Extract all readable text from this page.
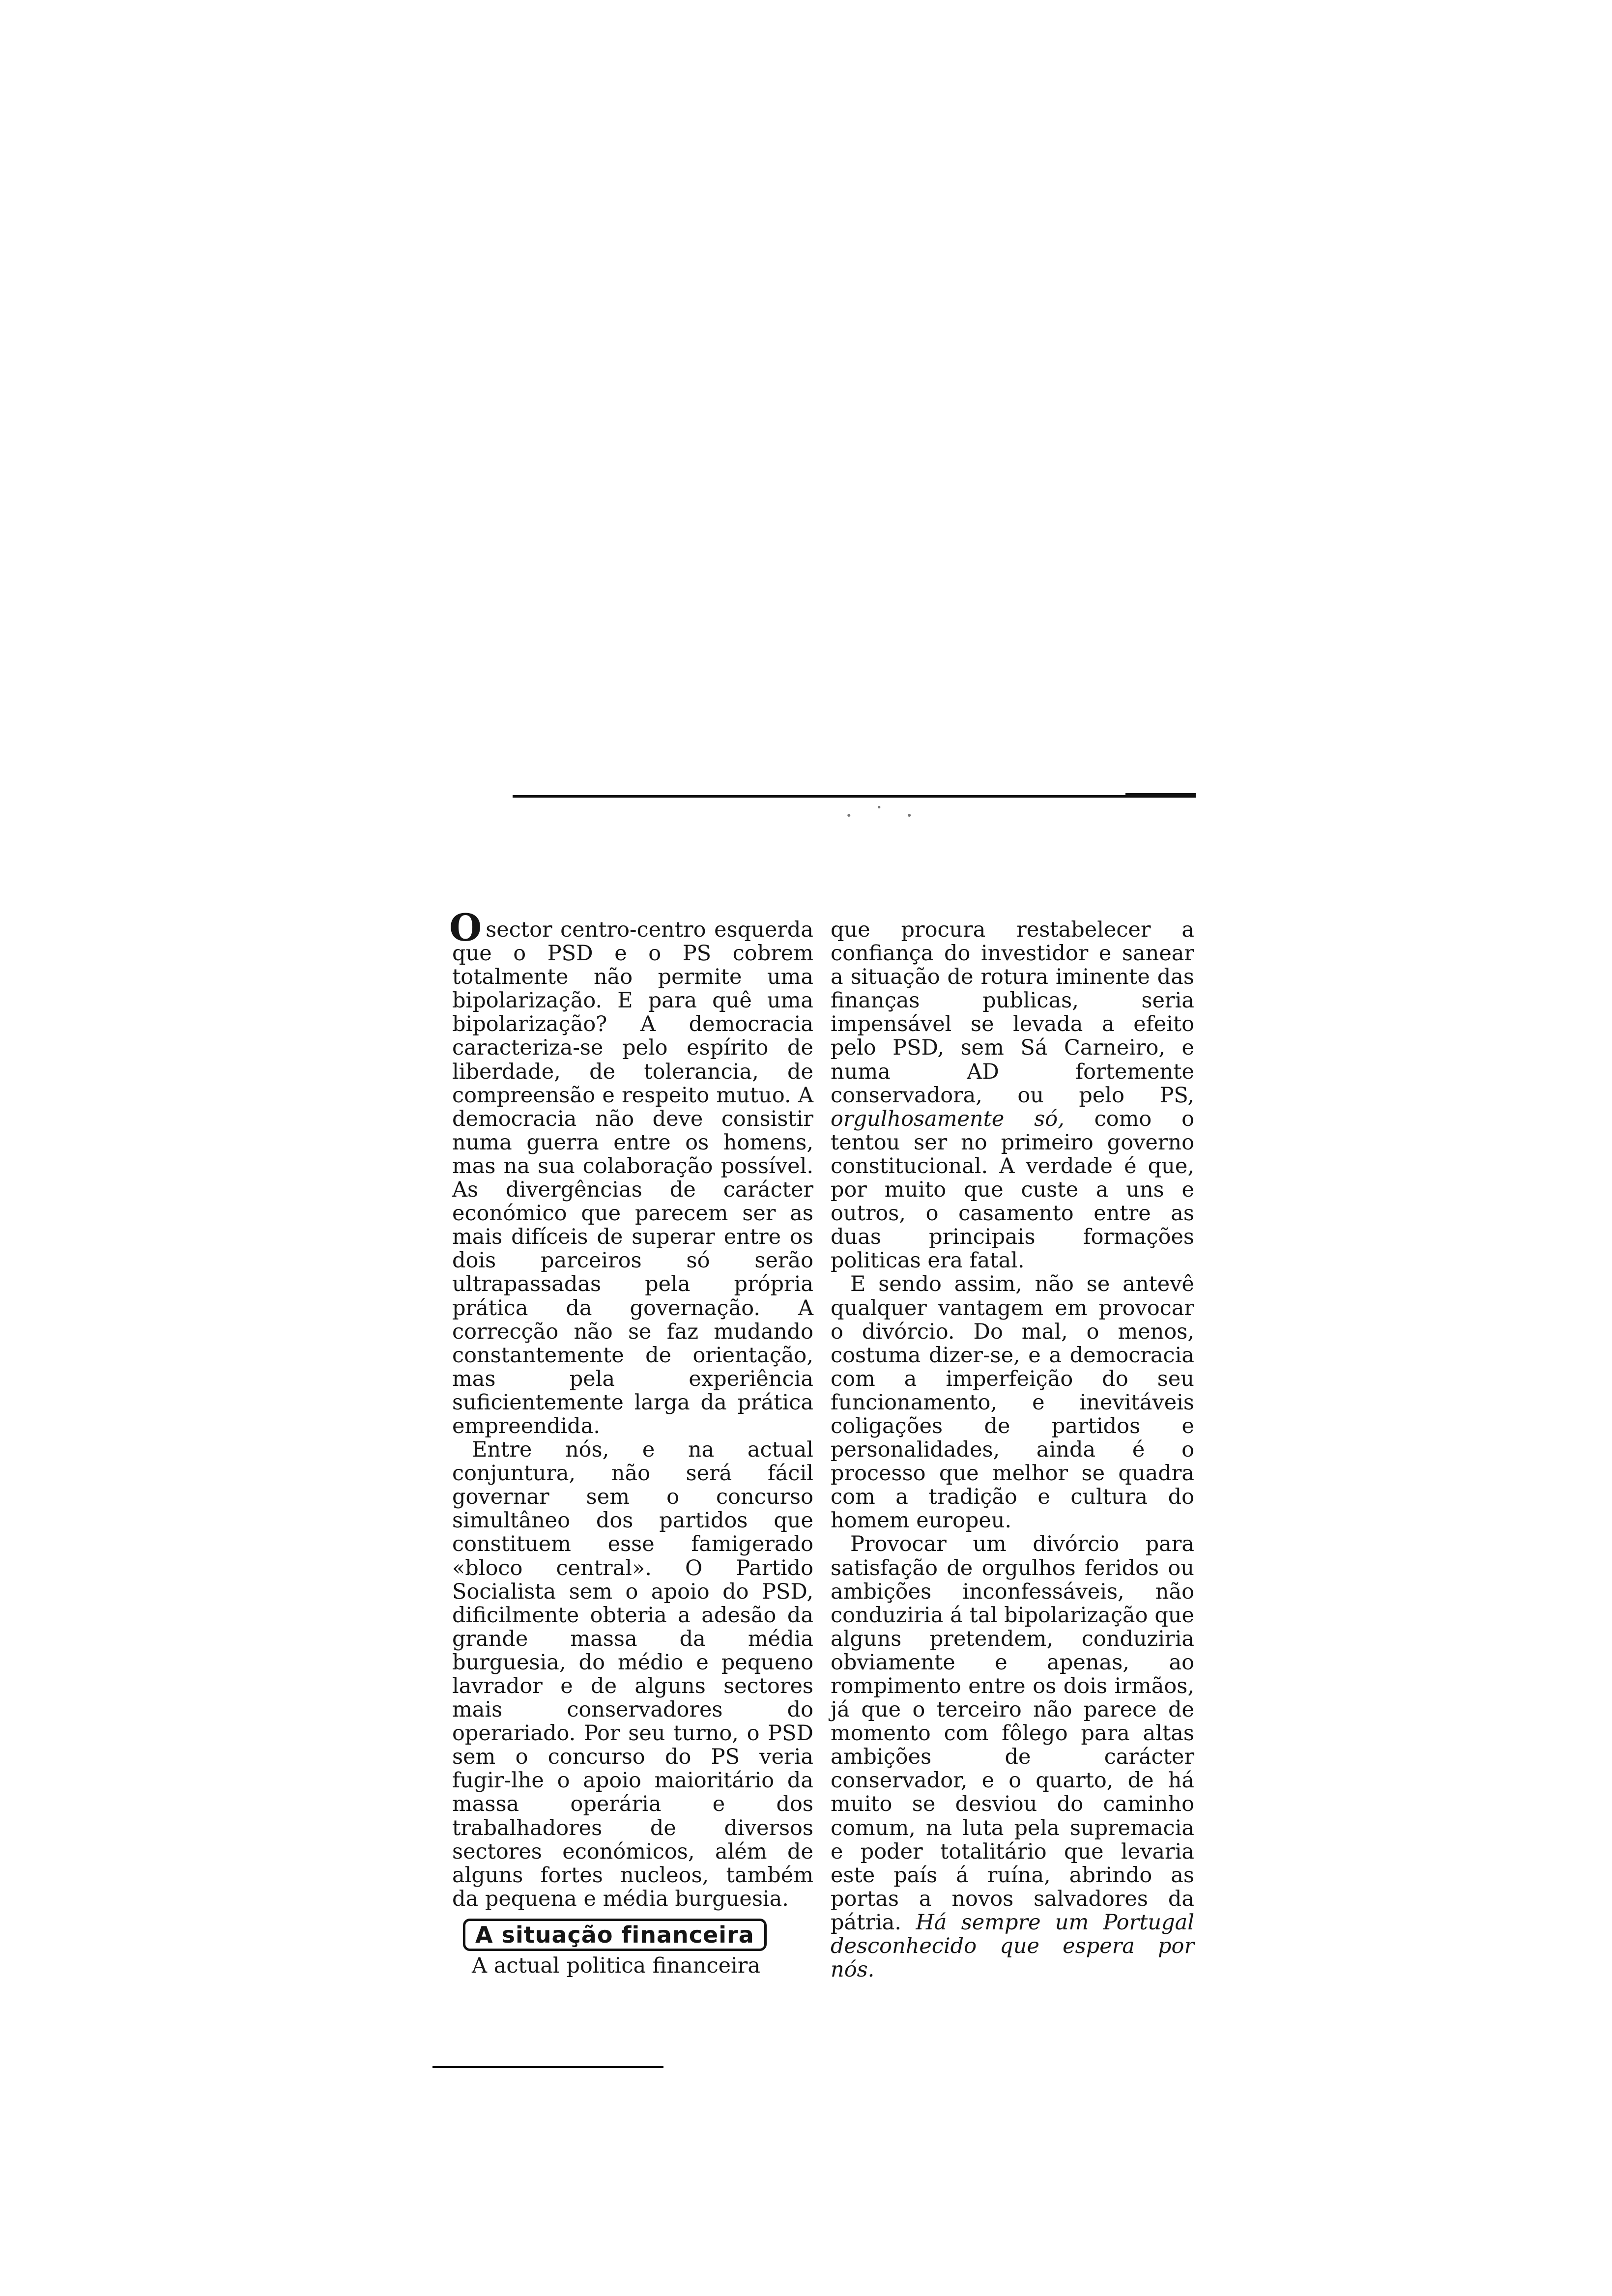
· ˙ ·

Osector centro-centro esquerda que o PSD e o PS cobrem totalmente não permite uma bipolarização. E para quê uma bipolarização? A democracia caracteriza-se pelo espírito de liberdade, de tolerancia, de compreensão e respeito mutuo. A democracia não deve consistir numa guerra entre os homens, mas na sua colaboração possível. As divergências de carácter económico que parecem ser as mais difíceis de superar entre os dois parceiros só serão ultrapassadas pela própria prática da governação. A correcção não se faz mudando constantemente de orientação, mas pela experiência suficientemente larga da prática empreendida.

Entre nós, e na actual conjuntura, não será fácil governar sem o concurso simultâneo dos partidos que constituem esse famigerado «bloco central». O Partido Socialista sem o apoio do PSD, dificilmente obteria a adesão da grande massa da média burguesia, do médio e pequeno lavrador e de alguns sectores mais conservadores do operariado. Por seu turno, o PSD sem o concurso do PS veria fugir-lhe o apoio maioritário da massa operária e dos trabalhadores de diversos sectores económicos, além de alguns fortes nucleos, também da pequena e média burguesia.

A situação financeira

A actual politica financeira

que procura restabelecer a confiança do investidor e sanear a situação de rotura iminente das finanças publicas, seria impensável se levada a efeito pelo PSD, sem Sá Carneiro, e numa AD fortemente conservadora, ou pelo PS, orgulhosamente só, como o tentou ser no primeiro governo constitucional. A verdade é que, por muito que custe a uns e outros, o casamento entre as duas principais formações politicas era fatal.

E sendo assim, não se antevê qualquer vantagem em provocar o divórcio. Do mal, o menos, costuma dizer-se, e a democracia com a imperfeição do seu funcionamento, e inevitáveis coligações de partidos e personalidades, ainda é o processo que melhor se quadra com a tradição e cultura do homem europeu.

Provocar um divórcio para satisfação de orgulhos feridos ou ambições inconfessáveis, não conduziria á tal bipolarização que alguns pretendem, conduziria obviamente e apenas, ao rompimento entre os dois irmãos, já que o terceiro não parece de momento com fôlego para altas ambições de carácter conservador, e o quarto, de há muito se desviou do caminho comum, na luta pela supremacia e poder totalitário que levaria este país á ruína, abrindo as portas a novos salvadores da pátria. Há sempre um Portugal desconhecido que espera por nós.
